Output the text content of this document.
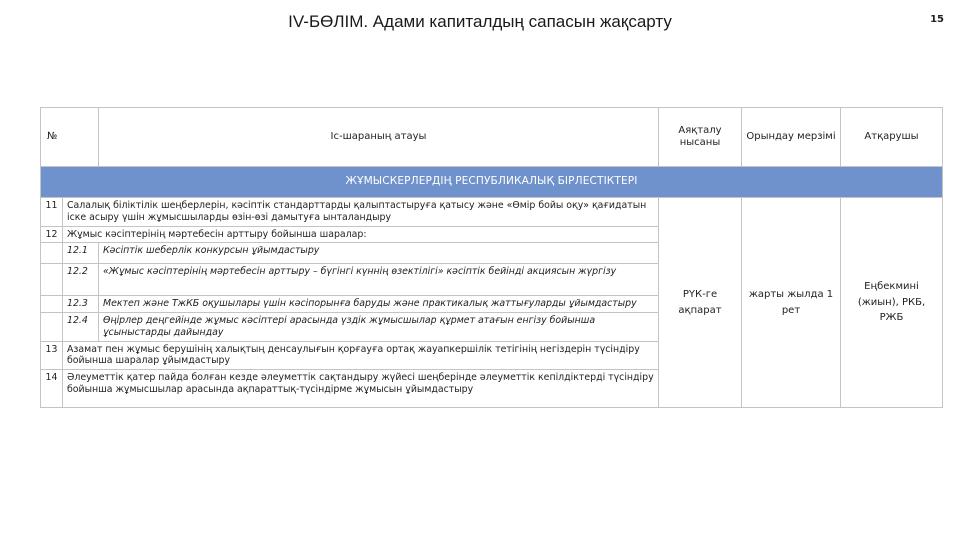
IV-БӨЛІМ. Адами капиталдың сапасын жақсарту	15
№		Іс-шараның атауы	Аяқталу нысаны	Орындау мерзімі	Атқарушы
ЖҰМЫСКЕРЛЕРДІҢ РЕСПУБЛИКАЛЫҚ БІРЛЕСТІКТЕРІ					
11	Салалық біліктілік шеңберлерін, кәсіптік стандарттарды қалыптастыруға қатысу және «Өмір бойы оқу» қағидатын іске асыру үшін жұмысшыларды өзін-өзі дамытуға ынталандыру		РҮК-ге ақпарат	жарты жылда 1 рет	Еңбекмині (жиын), РКБ, РЖБ
12	Жұмыс кәсіптерінің мәртебесін арттыру бойынша шаралар:				
	12.1	Кәсіптік шеберлік конкурсын ұйымдастыру			
	12.2	«Жұмыс кәсіптерінің мәртебесін арттыру – бүгінгі күннің өзектілігі» кәсіптік бейінді акциясын жүргізу			
	12.3	Мектеп және ТжКБ оқушылары үшін кәсіпорынға баруды және практикалық жаттығуларды ұйымдастыру			
	12.4	Өңірлер деңгейінде жұмыс кәсіптері арасында үздік жұмысшылар құрмет атағын енгізу бойынша ұсыныстарды дайындау			
13	Азамат пен жұмыс берушінің халықтың денсаулығын қорғауға ортақ жауапкершілік тетігінің негіздерін түсіндіру бойынша шаралар ұйымдастыру				
14	Әлеуметтік қатер пайда болған кезде әлеуметтік сақтандыру жүйесі шеңберінде әлеуметтік кепілдіктерді түсіндіру бойынша жұмысшылар арасында ақпараттық-түсіндірме жұмысын ұйымдастыру				
